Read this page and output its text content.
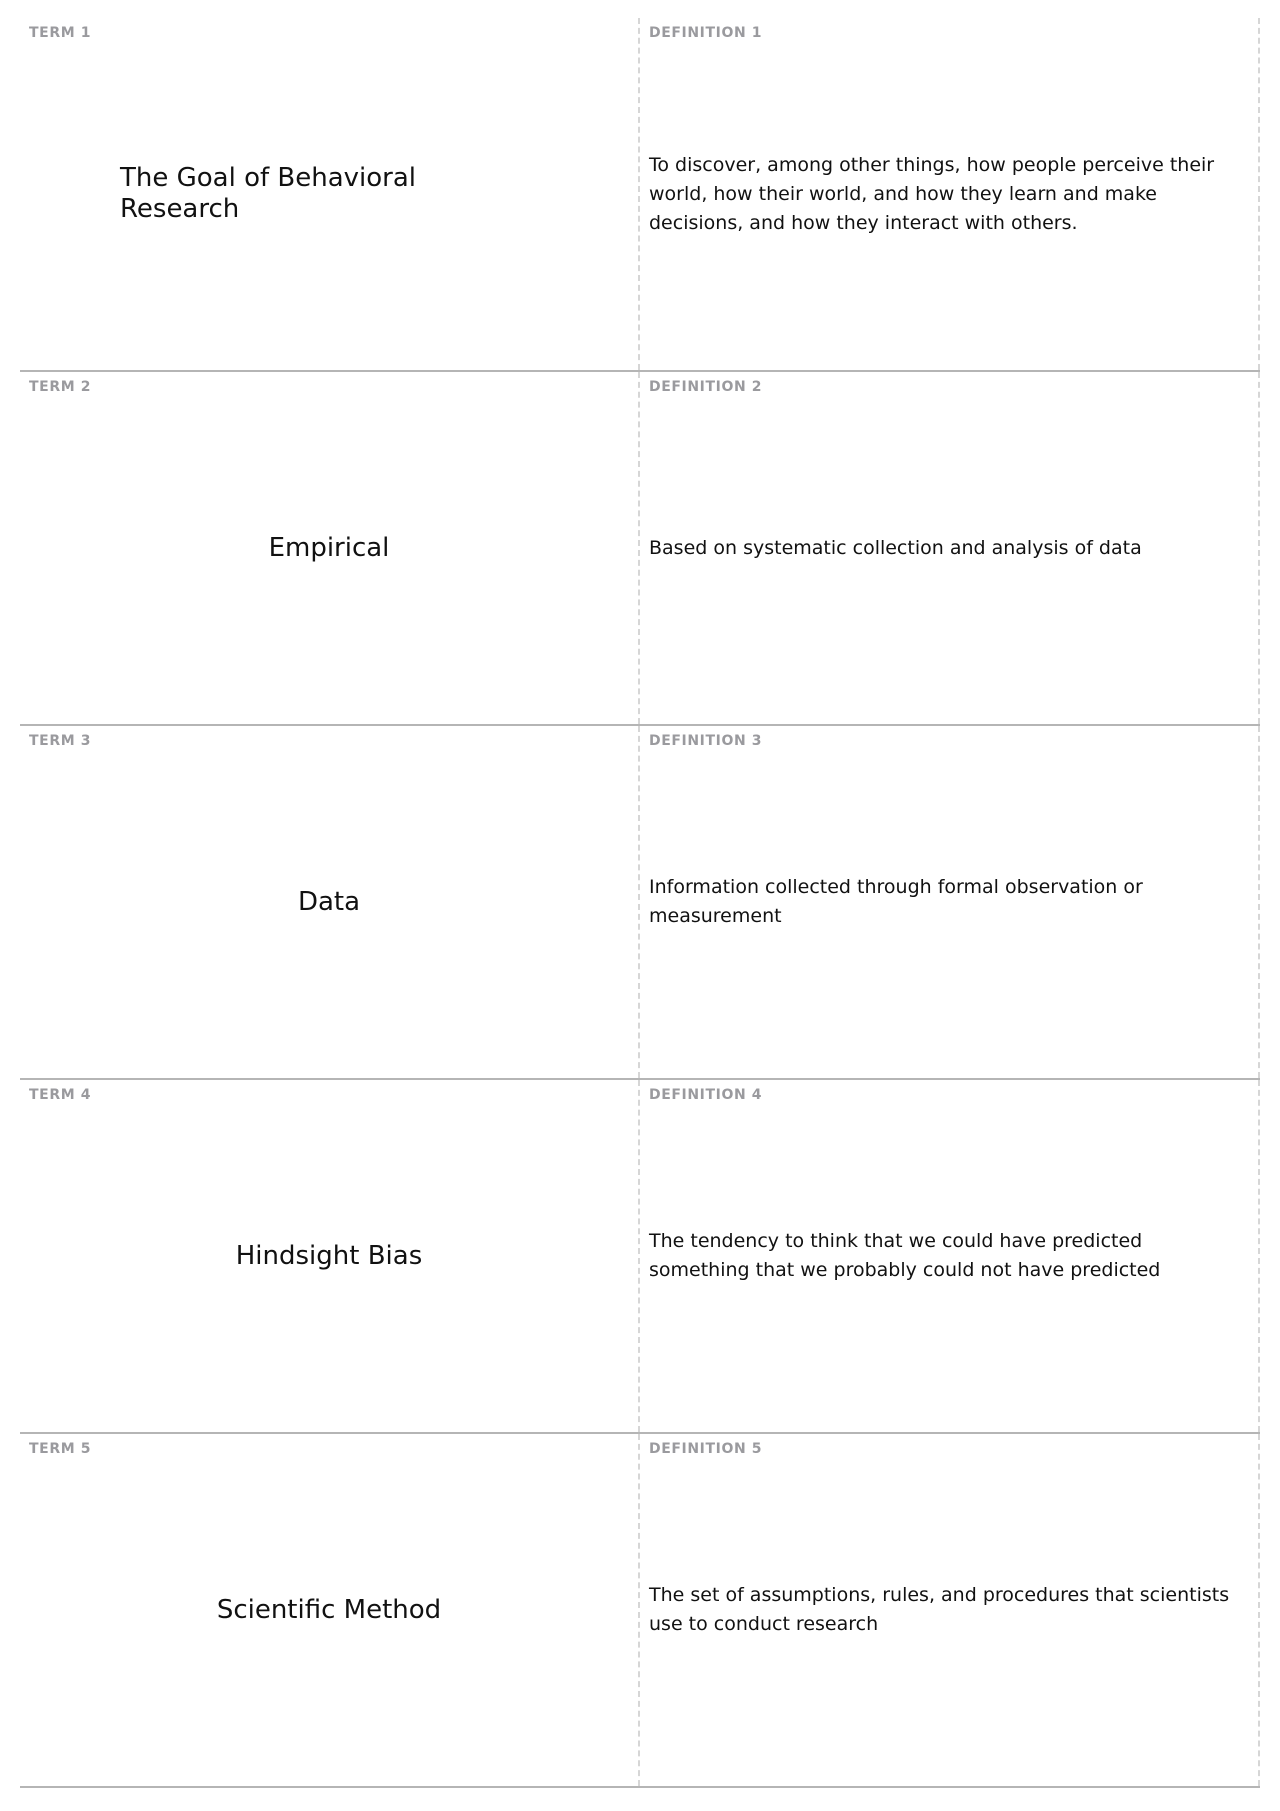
TERM 1
The Goal of Behavioral Research
DEFINITION 1
To discover, among other things, how people perceive their world, how their world, and how they learn and make decisions, and how they interact with others.
TERM 2
Empirical
DEFINITION 2
Based on systematic collection and analysis of data
TERM 3
Data
DEFINITION 3
Information collected through formal observation or measurement
TERM 4
Hindsight Bias
DEFINITION 4
The tendency to think that we could have predicted something that we probably could not have predicted
TERM 5
Scientific Method
DEFINITION 5
The set of assumptions, rules, and procedures that scientists use to conduct research
